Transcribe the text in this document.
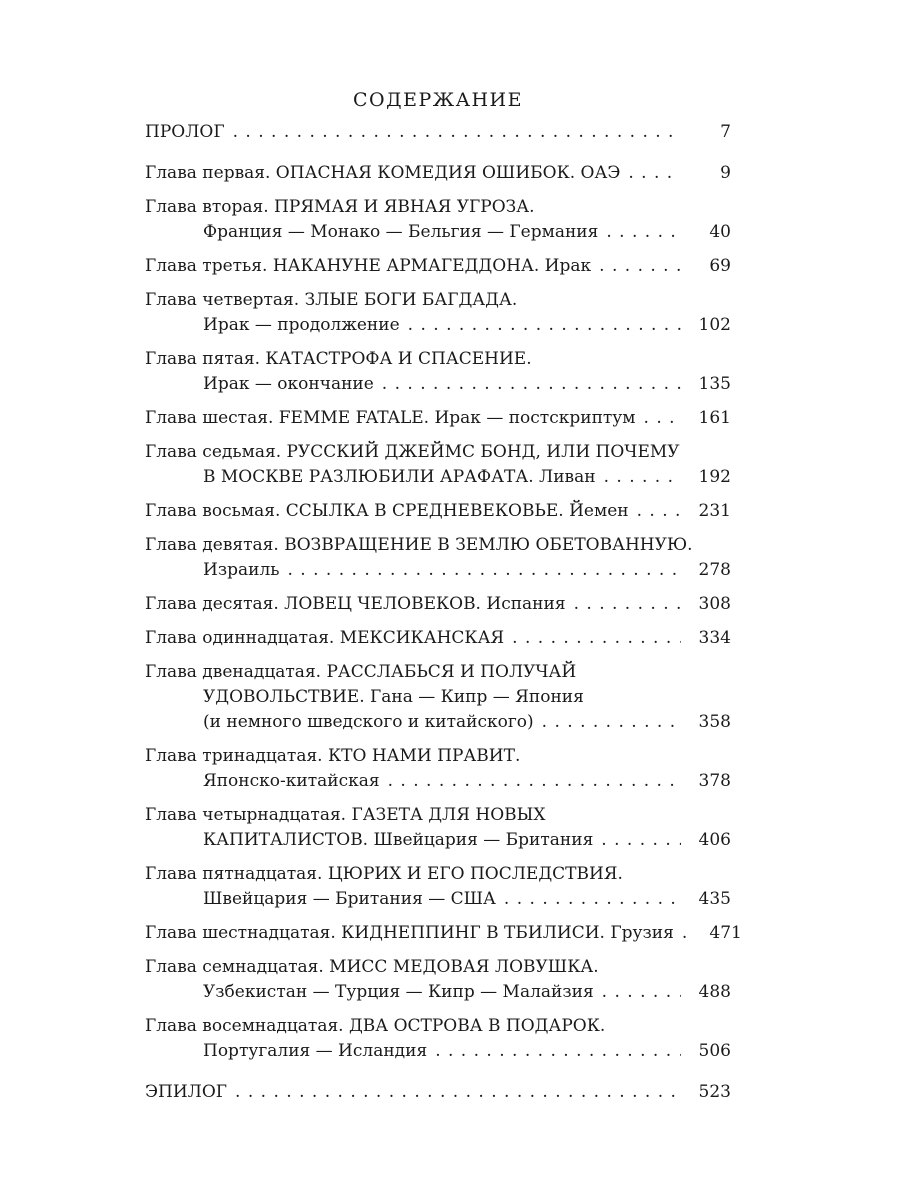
СОДЕРЖАНИЕ
ПРОЛОГ . . .	7
Глава первая. ОПАСНАЯ КОМЕДИЯ ОШИБОК. ОАЭ . . .	9
Глава вторая. ПРЯМАЯ И ЯВНАЯ УГРОЗА.
Франция — Монако — Бельгия — Германия . . .	40
Глава третья. НАКАНУНЕ АРМАГЕДДОНА. Ирак . . .	69
Глава четвертая. ЗЛЫЕ БОГИ БАГДАДА.
Ирак — продолжение . . .	102
Глава пятая. КАТАСТРОФА И СПАСЕНИЕ.
Ирак — окончание . . .	135
Глава шестая. FEMME FATALE. Ирак — постскриптум . . .	161
Глава седьмая. РУССКИЙ ДЖЕЙМС БОНД, ИЛИ ПОЧЕМУ
В МОСКВЕ РАЗЛЮБИЛИ АРАФАТА. Ливан . . .	192
Глава восьмая. ССЫЛКА В СРЕДНЕВЕКОВЬЕ. Йемен . . .	231
Глава девятая. ВОЗВРАЩЕНИЕ В ЗЕМЛЮ ОБЕТОВАННУЮ.
Израиль . . .	278
Глава десятая. ЛОВЕЦ ЧЕЛОВЕКОВ. Испания . . .	308
Глава одиннадцатая. МЕКСИКАНСКАЯ . . .	334
Глава двенадцатая. РАССЛАБЬСЯ И ПОЛУЧАЙ
УДОВОЛЬСТВИЕ. Гана — Кипр — Япония
(и немного шведского и китайского) . . .	358
Глава тринадцатая. КТО НАМИ ПРАВИТ.
Японско-китайская . . .	378
Глава четырнадцатая. ГАЗЕТА ДЛЯ НОВЫХ
КАПИТАЛИСТОВ. Швейцария — Британия . . .	406
Глава пятнадцатая. ЦЮРИХ И ЕГО ПОСЛЕДСТВИЯ.
Швейцария — Британия — США . . .	435
Глава шестнадцатая. КИДНЕППИНГ В ТБИЛИСИ. Грузия . . .	471
Глава семнадцатая. МИСС МЕДОВАЯ ЛОВУШКА.
Узбекистан — Турция — Кипр — Малайзия . . .	488
Глава восемнадцатая. ДВА ОСТРОВА В ПОДАРОК.
Португалия — Исландия . . .	506
ЭПИЛОГ . . .	523
